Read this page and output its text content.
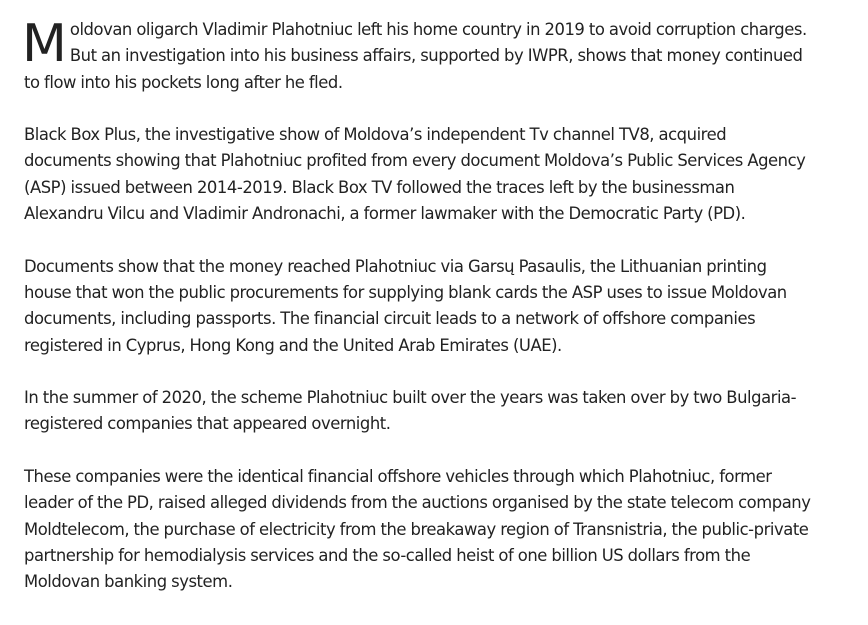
Moldovan oligarch Vladimir Plahotniuc left his home country in 2019 to avoid corruption charges. But an investigation into his business affairs, supported by IWPR, shows that money continued to flow into his pockets long after he fled.

Black Box Plus, the investigative show of Moldova’s independent Tv channel TV8, acquired documents showing that Plahotniuc profited from every document Moldova’s Public Services Agency (ASP) issued between 2014-2019. Black Box TV followed the traces left by the businessman Alexandru Vilcu and Vladimir Andronachi, a former lawmaker with the Democratic Party (PD).

Documents show that the money reached Plahotniuc via Garsų Pasaulis, the Lithuanian printing house that won the public procurements for supplying blank cards the ASP uses to issue Moldovan documents, including passports. The financial circuit leads to a network of offshore companies registered in Cyprus, Hong Kong and the United Arab Emirates (UAE).

In the summer of 2020, the scheme Plahotniuc built over the years was taken over by two Bulgaria-registered companies that appeared overnight.

These companies were the identical financial offshore vehicles through which Plahotniuc, former leader of the PD, raised alleged dividends from the auctions organised by the state telecom company Moldtelecom, the purchase of electricity from the breakaway region of Transnistria, the public-private partnership for hemodialysis services and the so-called heist of one billion US dollars from the Moldovan banking system.
